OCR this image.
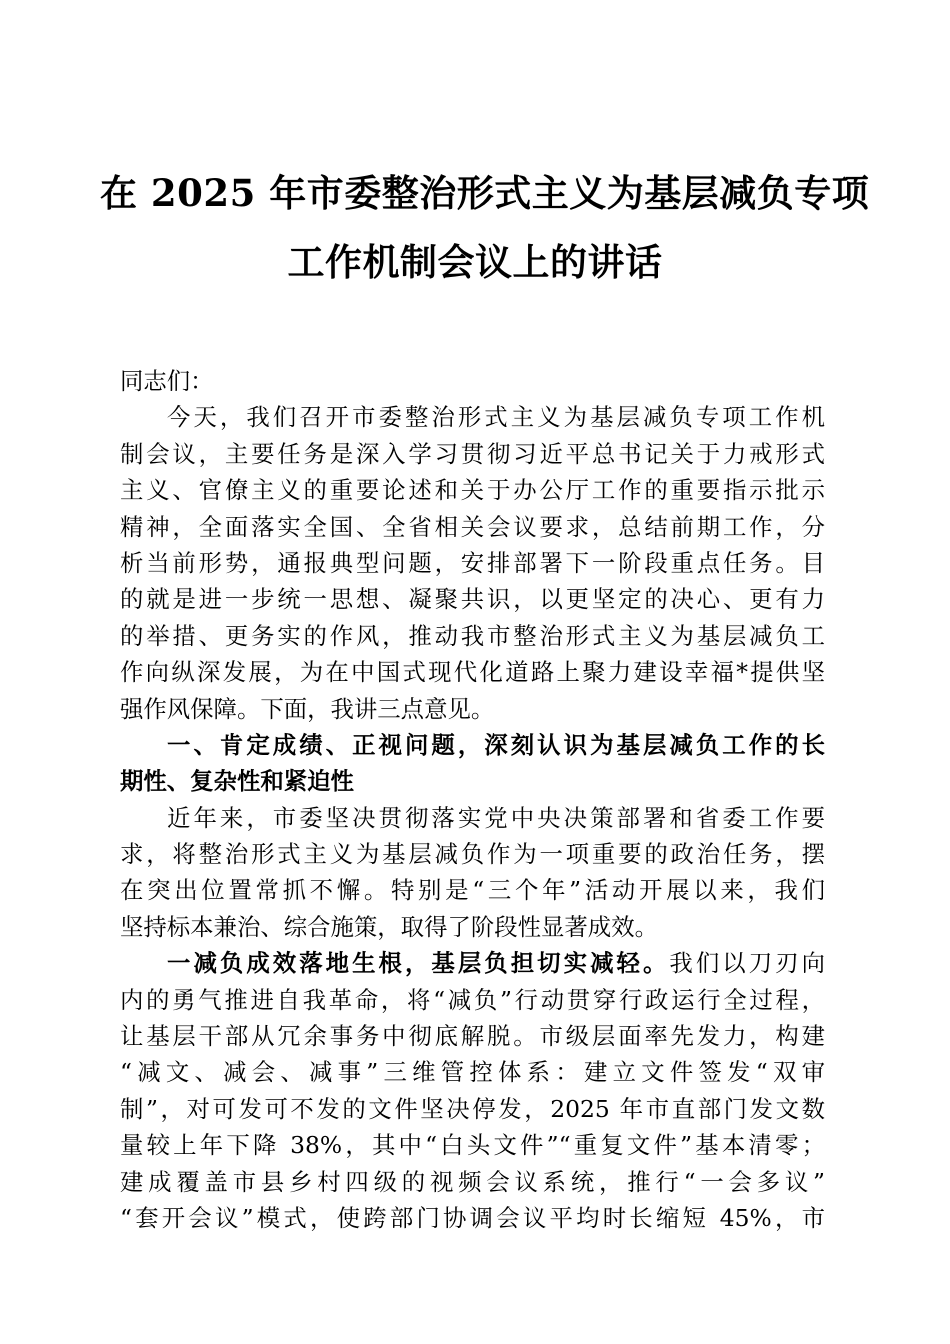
在 2025 年市委整治形式主义为基层减负专项
工作机制会议上的讲话
同志们：
今天，我们召开市委整治形式主义为基层减负专项工作机
制会议，主要任务是深入学习贯彻习近平总书记关于力戒形式
主义、官僚主义的重要论述和关于办公厅工作的重要指示批示
精神，全面落实全国、全省相关会议要求，总结前期工作，分
析当前形势，通报典型问题，安排部署下一阶段重点任务。目
的就是进一步统一思想、凝聚共识，以更坚定的决心、更有力
的举措、更务实的作风，推动我市整治形式主义为基层减负工
作向纵深发展，为在中国式现代化道路上聚力建设幸福*提供坚
强作风保障。下面，我讲三点意见。
一、肯定成绩、正视问题，深刻认识为基层减负工作的长
期性、复杂性和紧迫性
近年来，市委坚决贯彻落实党中央决策部署和省委工作要
求，将整治形式主义为基层减负作为一项重要的政治任务，摆
在突出位置常抓不懈。特别是“三个年”活动开展以来，我们
坚持标本兼治、综合施策，取得了阶段性显著成效。
一减负成效落地生根，基层负担切实减轻。我们以刀刃向
内的勇气推进自我革命，将“减负”行动贯穿行政运行全过程，
让基层干部从冗余事务中彻底解脱。市级层面率先发力，构建
“减文、减会、减事”三维管控体系：建立文件签发“双审
制”，对可发可不发的文件坚决停发，2025 年市直部门发文数
量较上年下降 38%，其中“白头文件”“重复文件”基本清零；
建成覆盖市县乡村四级的视频会议系统，推行“一会多议”
“套开会议”模式，使跨部门协调会议平均时长缩短 45%，市
